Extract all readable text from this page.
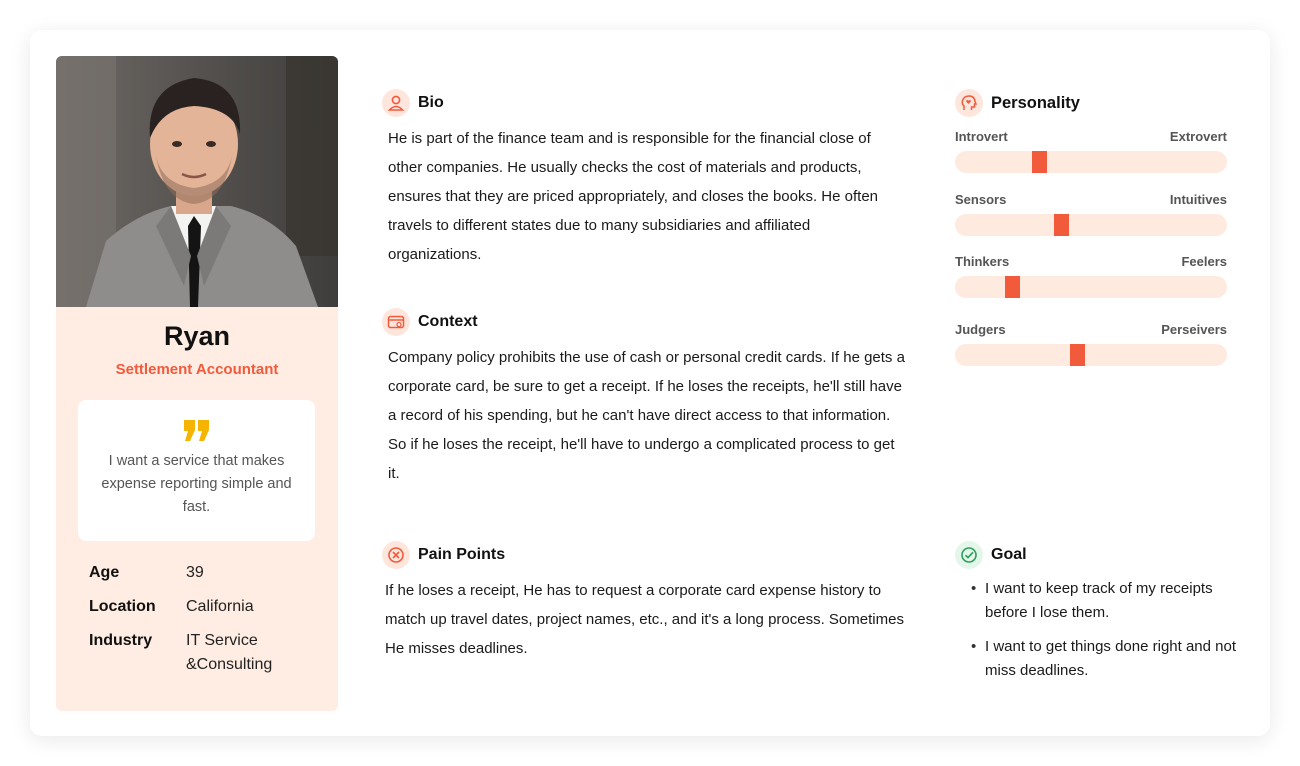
Ryan
Settlement Accountant
I want a service that makes expense reporting simple and fast.
Age	39
Location	California
Industry	IT Service &Consulting
Bio
He is part of the finance team and is responsible for the financial close of other companies. He usually checks the cost of materials and products, ensures that they are priced appropriately, and closes the books. He often travels to different states due to many subsidiaries and affiliated organizations.
Context
Company policy prohibits the use of cash or personal credit cards. If he gets a corporate card, be sure to get a receipt. If he loses the receipts, he'll still have a record of his spending, but he can't have direct access to that information. So if he loses the receipt, he'll have to undergo a complicated process to get it.
Pain Points
If he loses a receipt, He has to request a corporate card expense history to match up travel dates, project names, etc., and it's a long process. Sometimes He misses deadlines.
Personality
Introvert	Extrovert
Sensors	Intuitives
Thinkers	Feelers
Judgers	Perseivers
Goal
• I want to keep track of my receipts before I lose them.
• I want to get things done right and not miss deadlines.
